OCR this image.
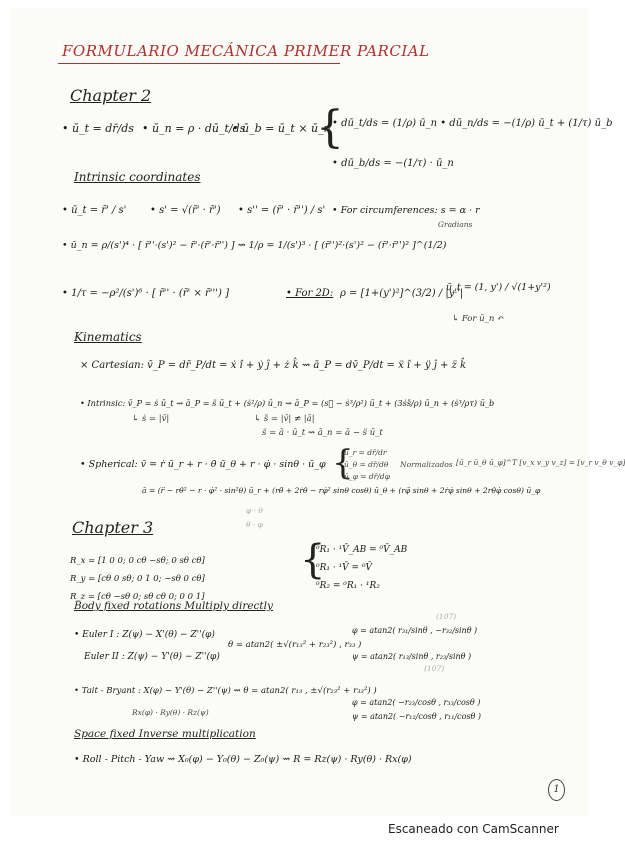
FORMULARIO MECÁNICA PRIMER PARCIAL
Chapter 2
• ū_t = dr̄/ds • ū_n = ρ · dū_t/ds
• ū_b = ū_t × ū_n
{
• dū_t/ds = (1/ρ) ū_n • dū_n/ds = −(1/ρ) ū_t + (1/τ) ū_b
• dū_b/ds = −(1/τ) · ū_n
Intrinsic coordinates
• ū_t = r̄' / s' • s' = √(r̄' · r̄') • s'' = (r̄' · r̄'') / s' • For circumferences: s = α · r
Gradians
• ū_n = ρ/(s')⁴ · [ r̄''·(s')² − r̄'·(r̄'·r̄'') ] ⇝ 1/ρ = 1/(s')³ · [ (r̄'')²·(s')² − (r̄'·r̄'')² ]^(1/2)
• 1/τ = −ρ²/(s')⁶ · [ r̄'' · (r̄' × r̄''') ]	• For 2D: ρ = [1+(y')²]^(3/2) / |y''|
ū_t = (1, y') / √(1+y'²)
↳ For ū_n ↶
Kinematics
× Cartesian: v̄_P = dr̄_P/dt = ẋ î + ẏ ĵ + ż k̂ ⇝ ā_P = dv̄_P/dt = ẍ î + ÿ ĵ + z̈ k̂
• Intrinsic: v̄_P = ṡ ū_t ⇝ ā_P = s̈ ū_t + (ṡ²/ρ) ū_n ⇝ ā_P = (s⃛ − ṡ³/ρ²) ū_t + (3ṡṡ̈/ρ) ū_n + (ṡ³/ρτ) ū_b
↳ ṡ = |v̄|	↳ ṡ̈ = |v̄| ≠ |ā|
s̈ = ā · ū_t ⇝ ā_n = ā − s̈ ū_t
• Spherical: v̄ = ṙ ū_r + r · θ̇ ū_θ + r · φ̇ · sinθ · ū_φ {
ū_r = dr̄/dr
ū_θ = dr̄/dθ
ū_φ = dr̄/dφ
Normalizados [ū_r ū_θ ū_φ]^T [v_x v_y v_z] = [v_r v_θ v_φ]
ā = (r̈ − rθ̇² − r · φ̇² · sin²θ) ū_r + (rθ̈ + 2ṙθ̇ − rφ̇² sinθ cosθ) ū_θ + (rφ̈ sinθ + 2ṙφ̇ sinθ + 2rθ̇φ̇ cosθ) ū_φ
φ · θ
θ · φ
Chapter 3
R_x = [1 0 0; 0 cθ −sθ; 0 sθ cθ]
R_y = [cθ 0 sθ; 0 1 0; −sθ 0 cθ]
R_z = [cθ −sθ 0; sθ cθ 0; 0 0 1]
{
⁰R₁ · ¹V̄_AB = ⁰V̄_AB
⁰R₁ · ¹V̄ = ⁰V̄
⁰R₂ = ⁰R₁ · ¹R₂
Body fixed rotations Multiply directly
• Euler I : Z(ψ) − X'(θ) − Z''(φ)
Euler II : Z(ψ) − Y'(θ) − Z''(φ)
θ = atan2( ±√(r₁₃² + r₂₃²) , r₃₃ )
φ = atan2( r₃₁/sinθ , −r₃₂/sinθ )
ψ = atan2( r₁₃/sinθ , r₂₃/sinθ )
(107)
(107)
• Tait - Bryant : X(φ) − Y'(θ) − Z''(ψ) ⇝ θ = atan2( r₁₃ , ±√(r₂₃² + r₃₃²) )
Rx(φ) · Ry(θ) · Rz(ψ)
φ = atan2( −r₂₃/cosθ , r₃₃/cosθ )
ψ = atan2( −r₁₂/cosθ , r₁₁/cosθ )
Space fixed Inverse multiplication
• Roll - Pitch - Yaw ⇝ X₀(φ) − Y₀(θ) − Z₀(ψ) ⇝ R = Rz(ψ) · Ry(θ) · Rx(φ)
1
Escaneado con CamScanner
